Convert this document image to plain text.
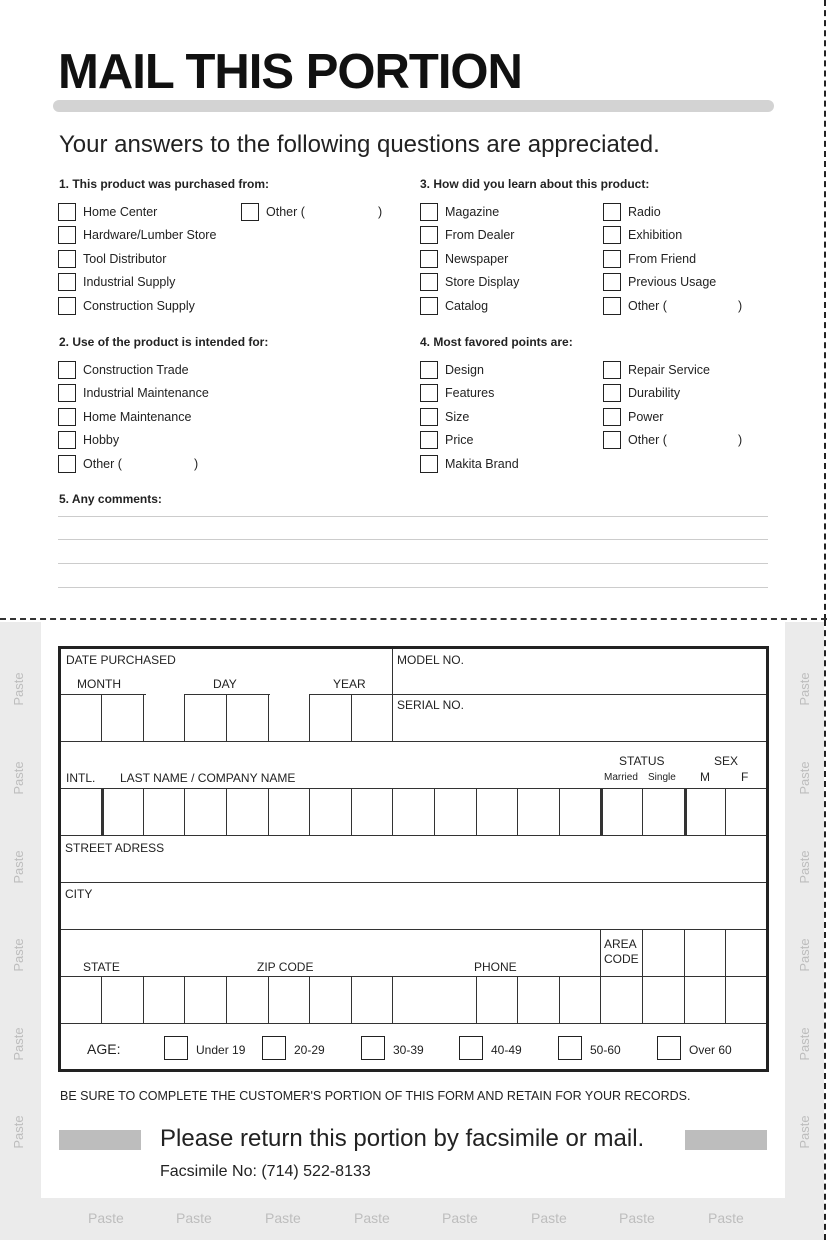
MAIL THIS PORTION
Your answers to the following questions are appreciated.
1. This product was purchased from:
Home Center
Hardware/Lumber Store
Tool Distributor
Industrial Supply
Construction Supply
Other (	)
3. How did you learn about this product:
Magazine
From Dealer
Newspaper
Store Display
Catalog
Radio
Exhibition
From Friend
Previous Usage
Other (	)
2. Use of the product is intended for:
Construction Trade
Industrial Maintenance
Home Maintenance
Hobby
Other (	)
4. Most favored points are:
Design
Features
Size
Price
Makita Brand
Repair Service
Durability
Power
Other (	)
5. Any comments:
Paste
Paste
Paste
Paste
Paste
Paste
Paste
Paste
Paste
Paste
Paste
Paste
Paste	Paste	Paste	Paste	Paste	Paste	Paste	Paste
DATE PURCHASED
MONTH	DAY	YEAR
MODEL NO.
SERIAL NO.
INTL. LAST NAME / COMPANY NAME
STATUS
Married Single
SEX
M	F
STREET ADRESS
CITY
STATE	ZIP CODE	PHONE
AREA
CODE
AGE:	Under 19	20-29	30-39	40-49	50-60	Over 60
BE SURE TO COMPLETE THE CUSTOMER'S PORTION OF THIS FORM AND RETAIN FOR YOUR RECORDS.
Please return this portion by facsimile or mail.
Facsimile No: (714) 522-8133
